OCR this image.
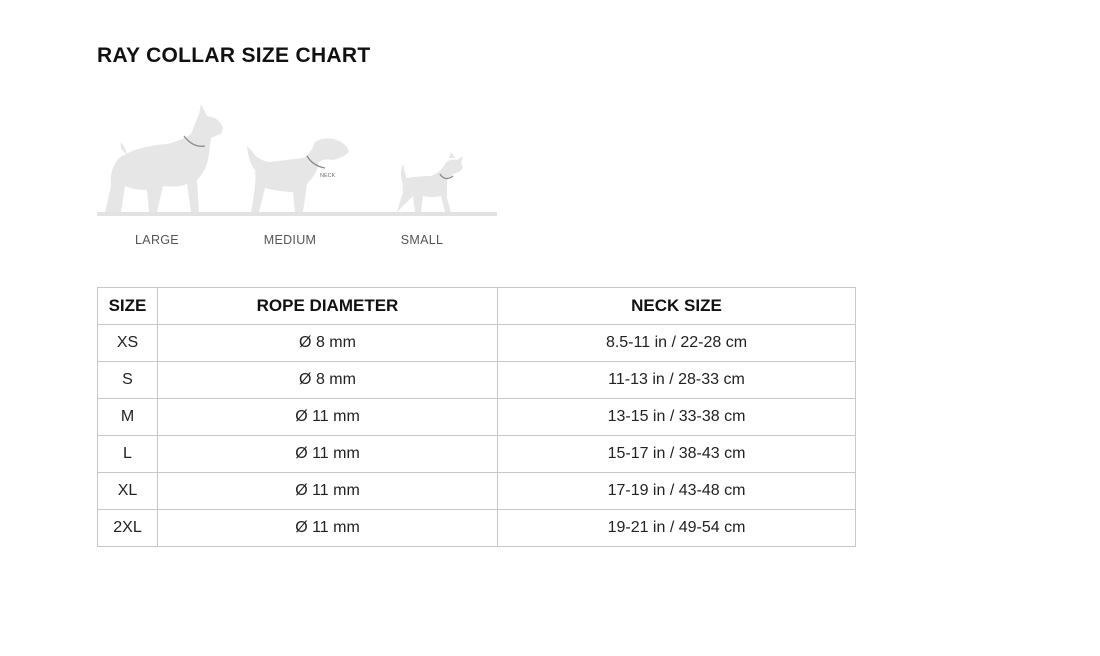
RAY COLLAR SIZE CHART
NECK
LARGE	MEDIUM	SMALL
SIZE	ROPE DIAMETER	NECK SIZE
XS	Ø 8 mm	8.5-11 in / 22-28 cm
S	Ø 8 mm	11-13 in / 28-33 cm
M	Ø 11 mm	13-15 in / 33-38 cm
L	Ø 11 mm	15-17 in / 38-43 cm
XL	Ø 11 mm	17-19 in / 43-48 cm
2XL	Ø 11 mm	19-21 in / 49-54 cm
